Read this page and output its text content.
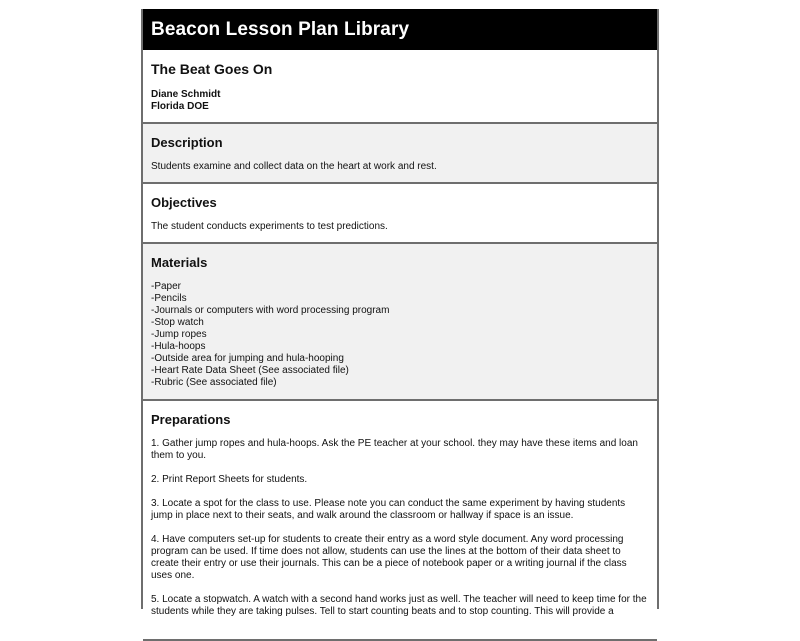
Beacon Lesson Plan Library
The Beat Goes On
Diane Schmidt
Florida DOE
Description
Students examine and collect data on the heart at work and rest.
Objectives
The student conducts experiments to test predictions.
Materials
-Paper
-Pencils
-Journals or computers with word processing program
-Stop watch
-Jump ropes
-Hula-hoops
-Outside area for jumping and hula-hooping
-Heart Rate Data Sheet (See associated file)
-Rubric (See associated file)
Preparations

1. Gather jump ropes and hula-hoops. Ask the PE teacher at your school. they may have these items and loan them to you.

2. Print Report Sheets for students.

3. Locate a spot for the class to use. Please note you can conduct the same experiment by having students jump in place next to their seats, and walk around the classroom or hallway if space is an issue.

4. Have computers set-up for students to create their entry as a word style document. Any word processing program can be used. If time does not allow, students can use the lines at the bottom of their data sheet to create their entry or use their journals. This can be a piece of notebook paper or a writing journal if the class uses one.

5. Locate a stopwatch. A watch with a second hand works just as well. The teacher will need to keep time for the students while they are taking pulses. Tell to start counting beats and to stop counting. This will provide a
